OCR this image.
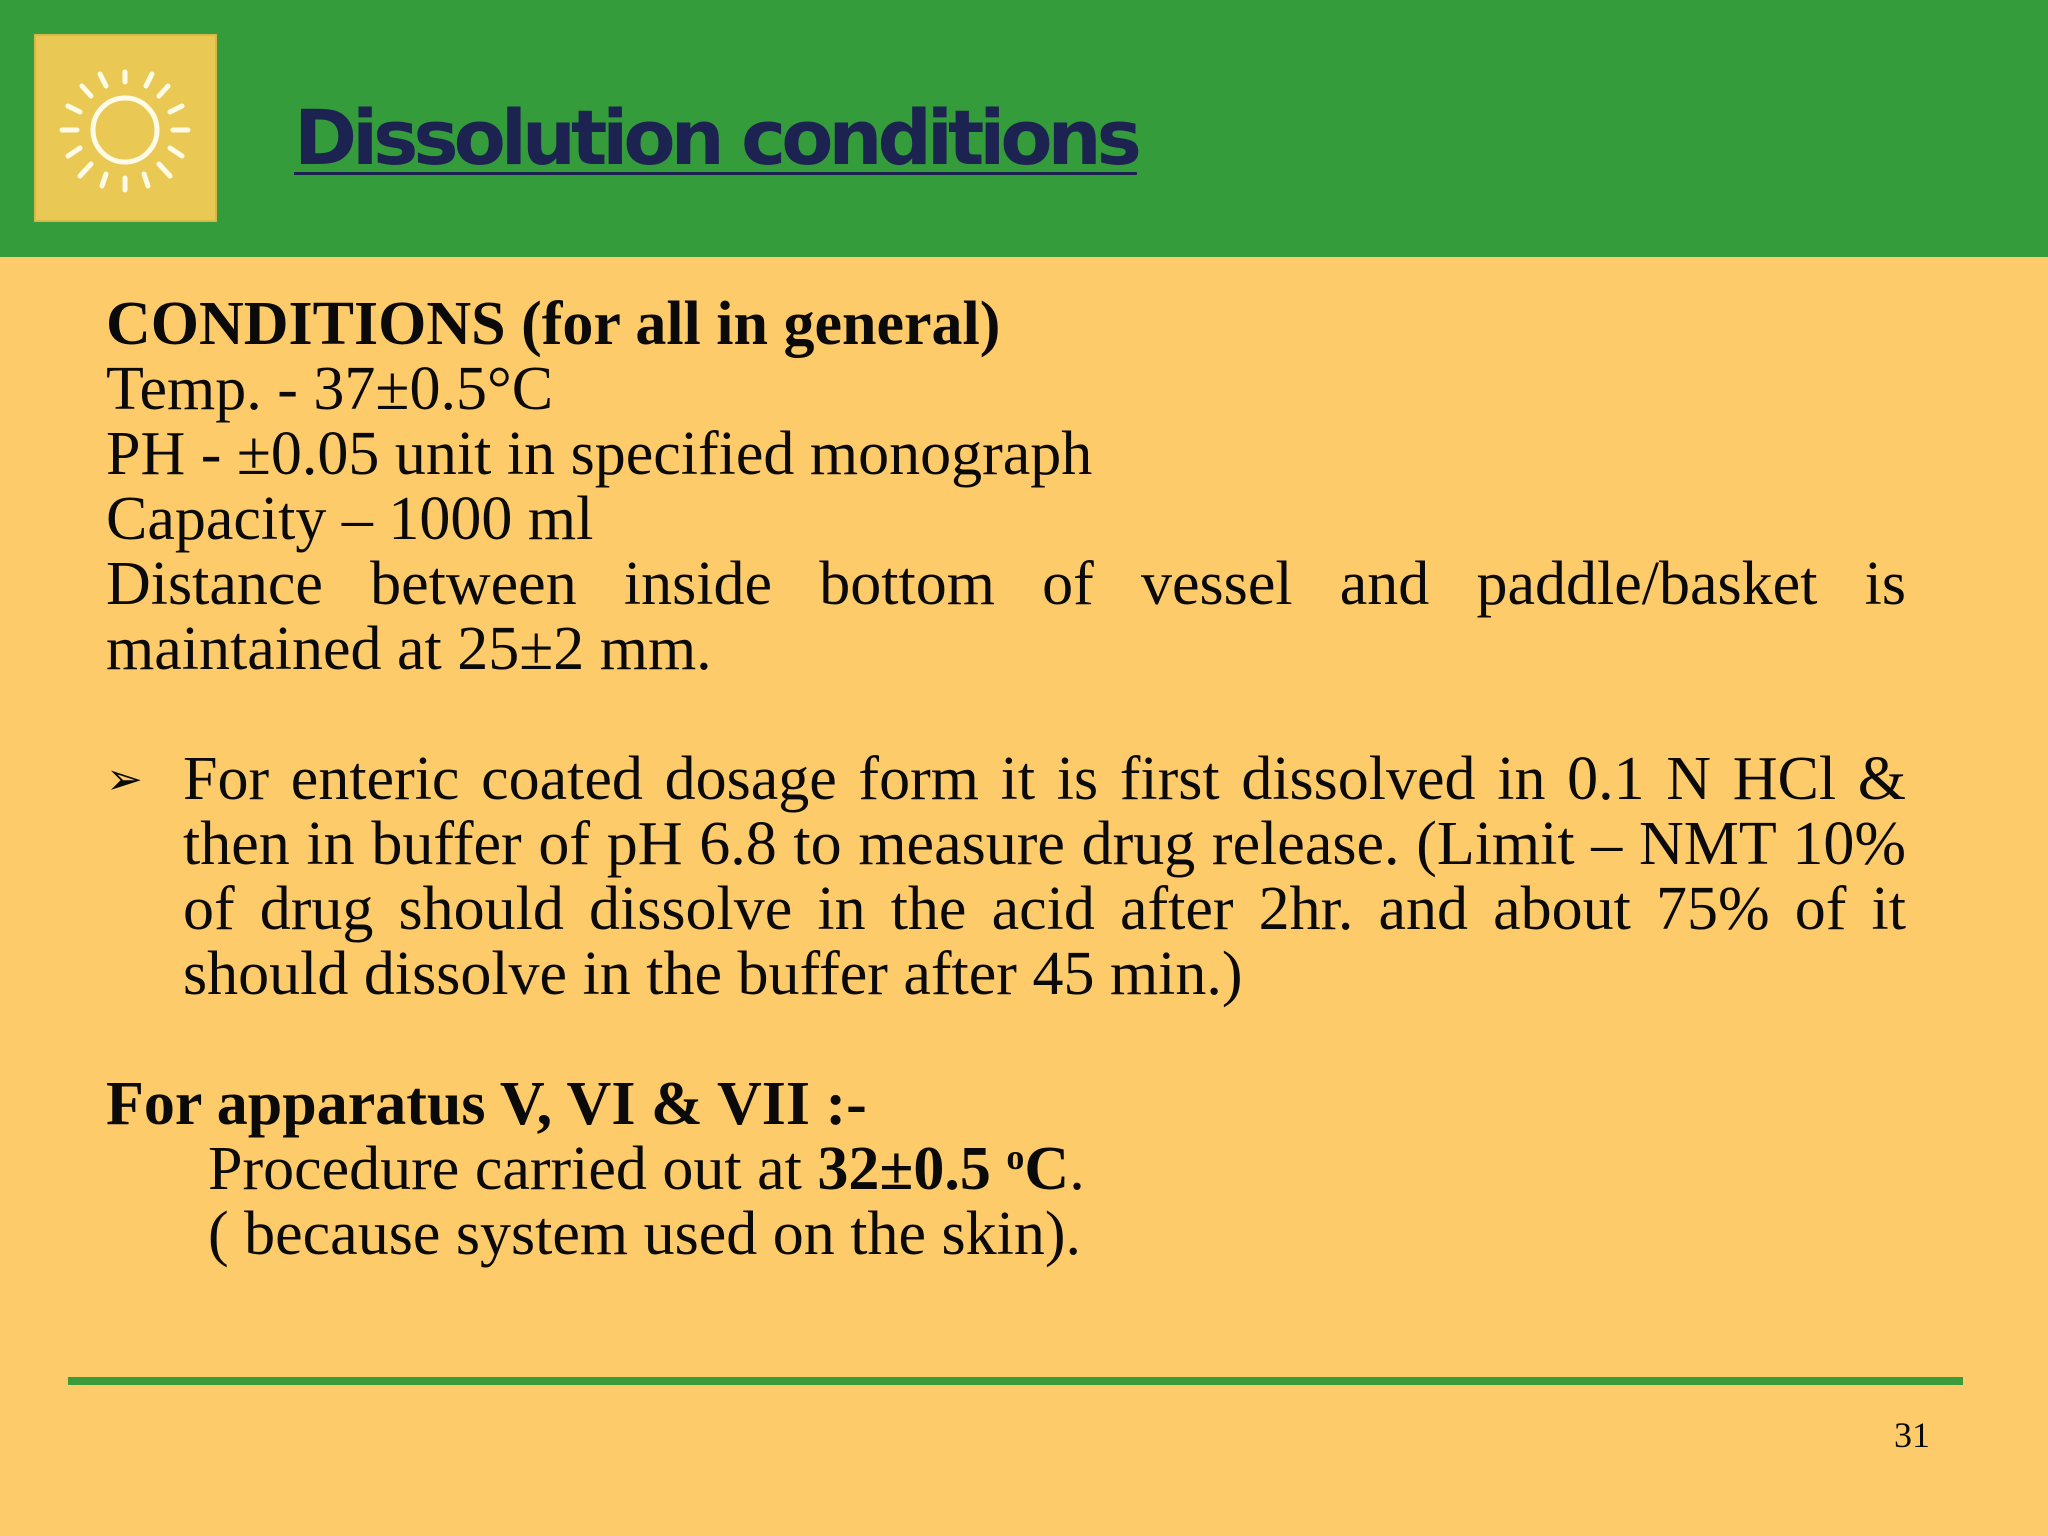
Dissolution conditions

CONDITIONS (for all in general)

Temp. - 37±0.5°C

PH - ±0.05 unit in specified monograph

Capacity – 1000 ml

Distance between inside bottom of vessel and paddle/basket is maintained at 25±2 mm.

➢ For enteric coated dosage form it is first dissolved in 0.1 N HCl & then in buffer of pH 6.8 to measure drug release. (Limit – NMT 10% of drug should dissolve in the acid after 2hr. and about 75% of it should dissolve in the buffer after 45 min.)

For apparatus V, VI & VII :-

Procedure carried out at 32±0.5 $^o$C.

( because system used on the skin).

31
